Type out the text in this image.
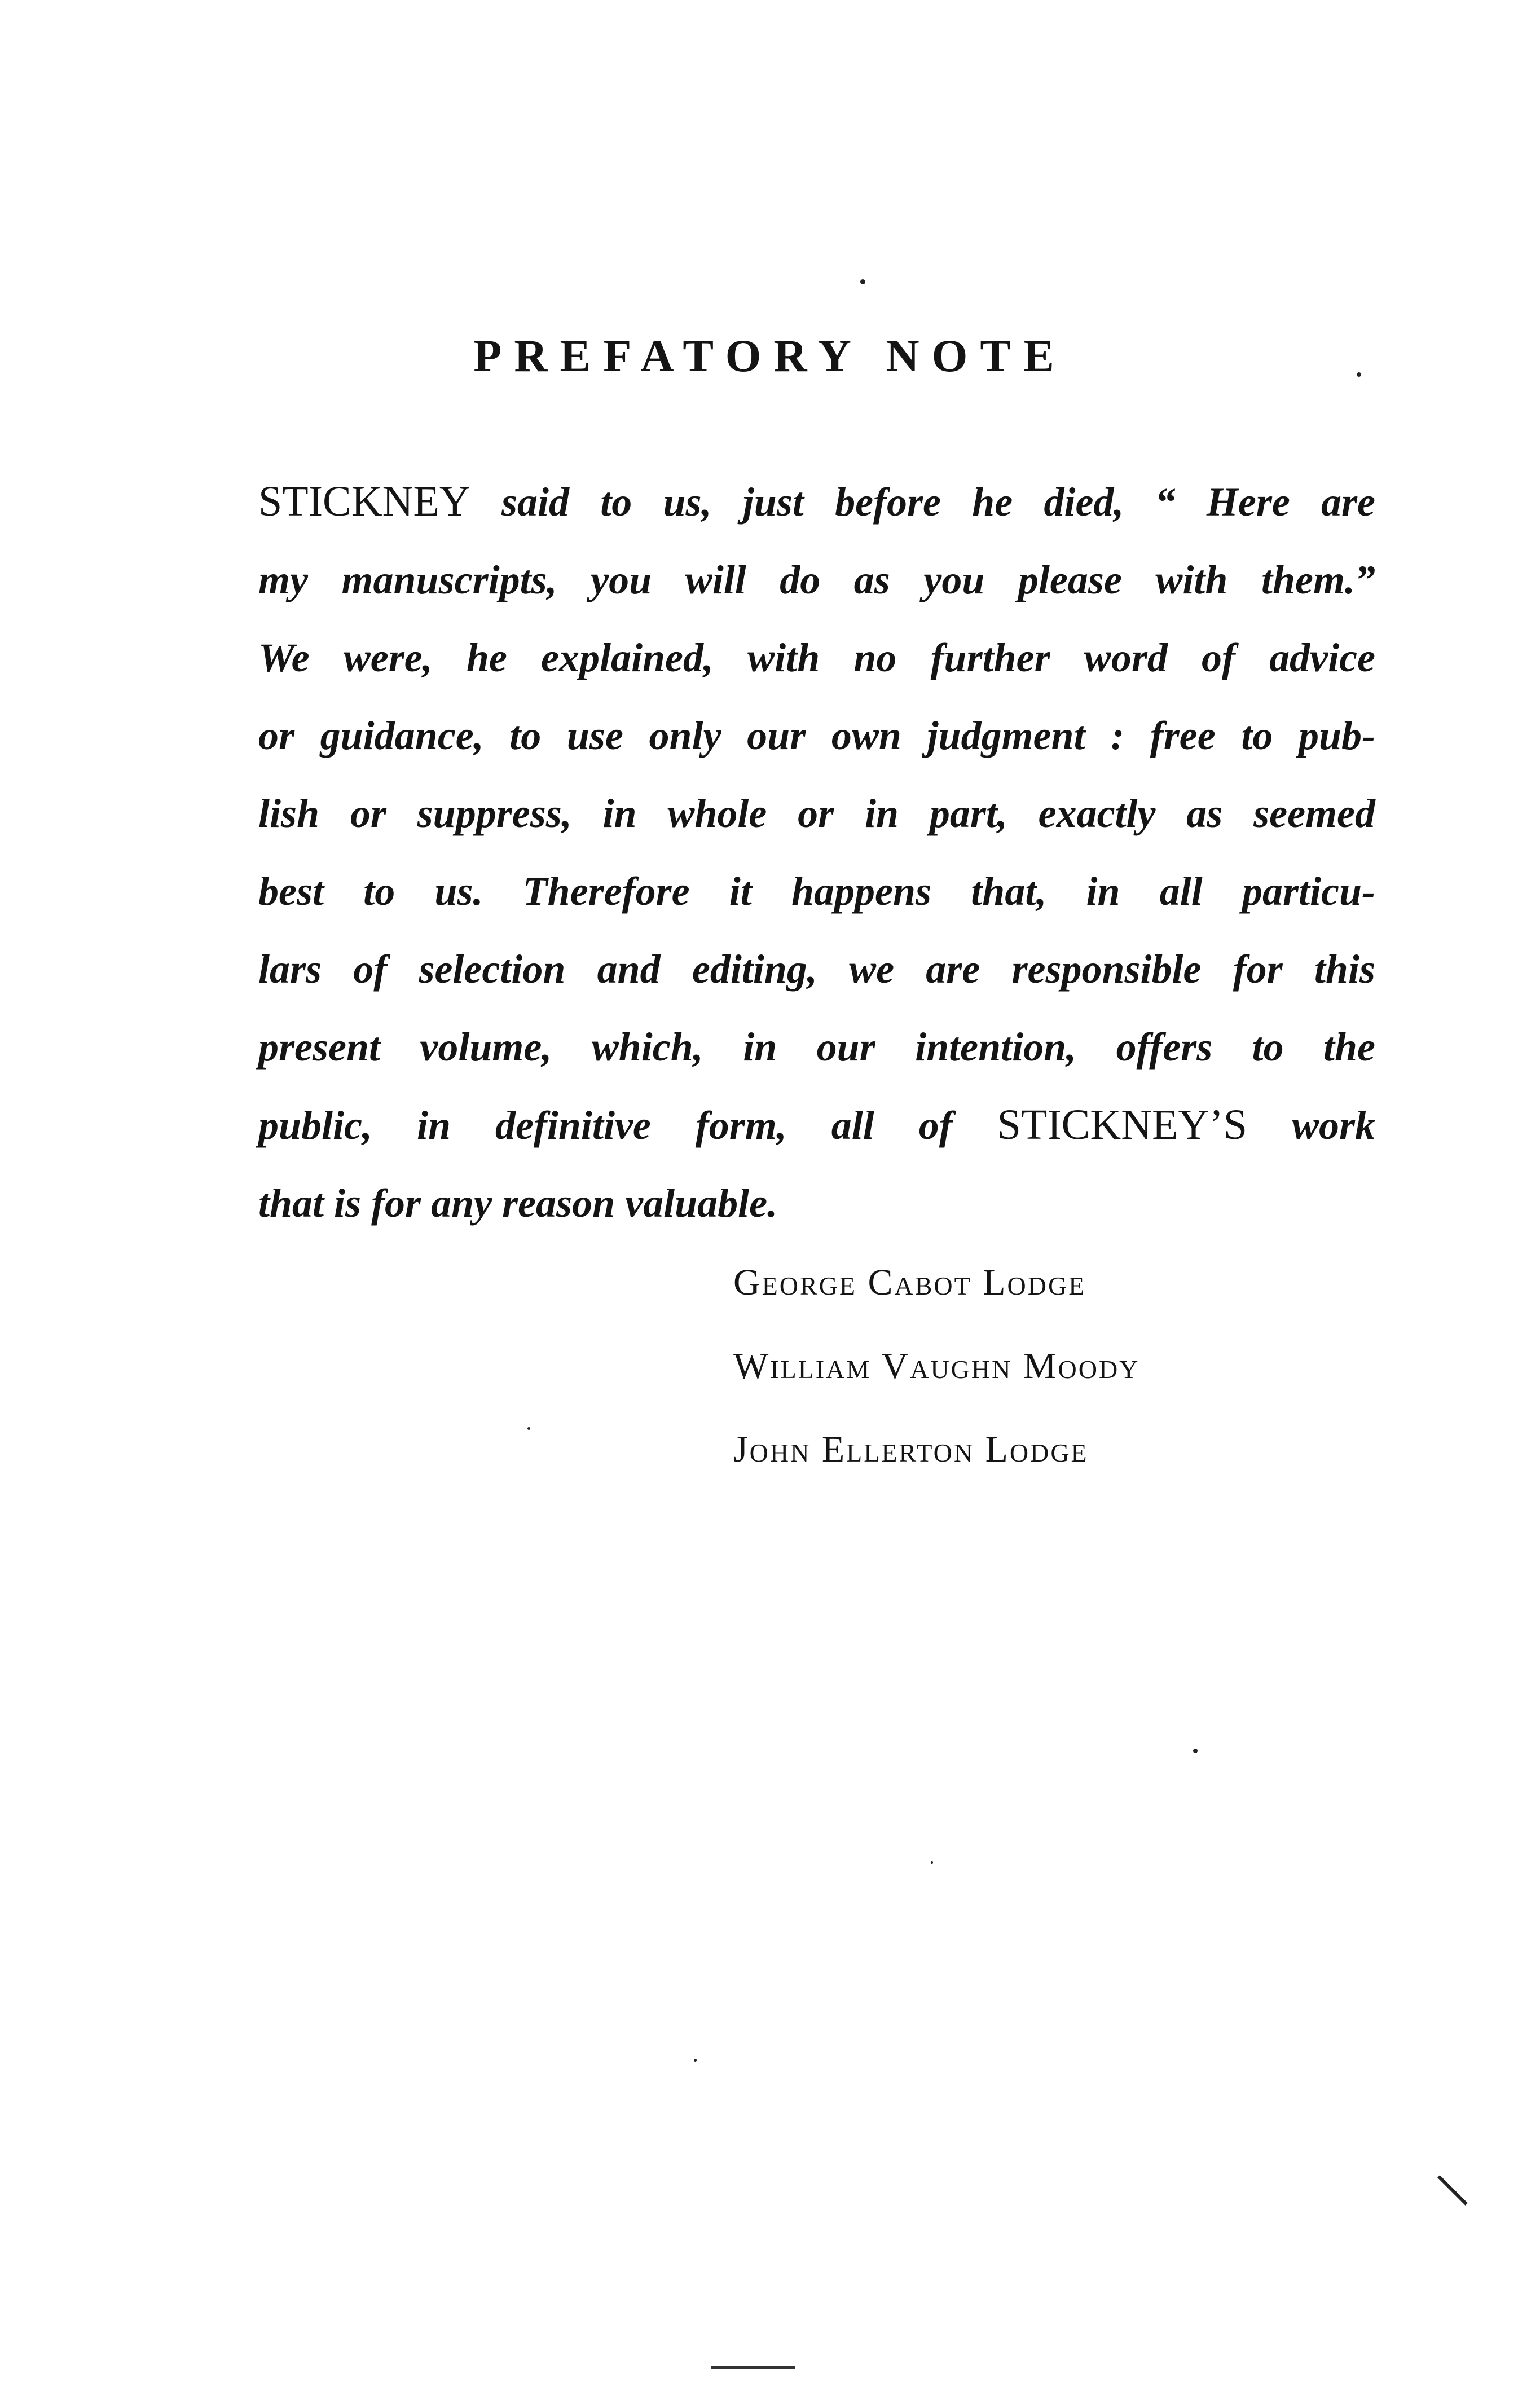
PREFATORY NOTE
STICKNEY said to us, just before he died, “ Here are
my manuscripts, you will do as you please with them.”
We were, he explained, with no further word of advice
or guidance, to use only our own judgment : free to pub-
lish or suppress, in whole or in part, exactly as seemed
best to us. Therefore it happens that, in all particu-
lars of selection and editing, we are responsible for this
present volume, which, in our intention, offers to the
public, in definitive form, all of STICKNEY’S work
that is for any reason valuable.
George Cabot Lodge
William Vaughn Moody
John Ellerton Lodge
